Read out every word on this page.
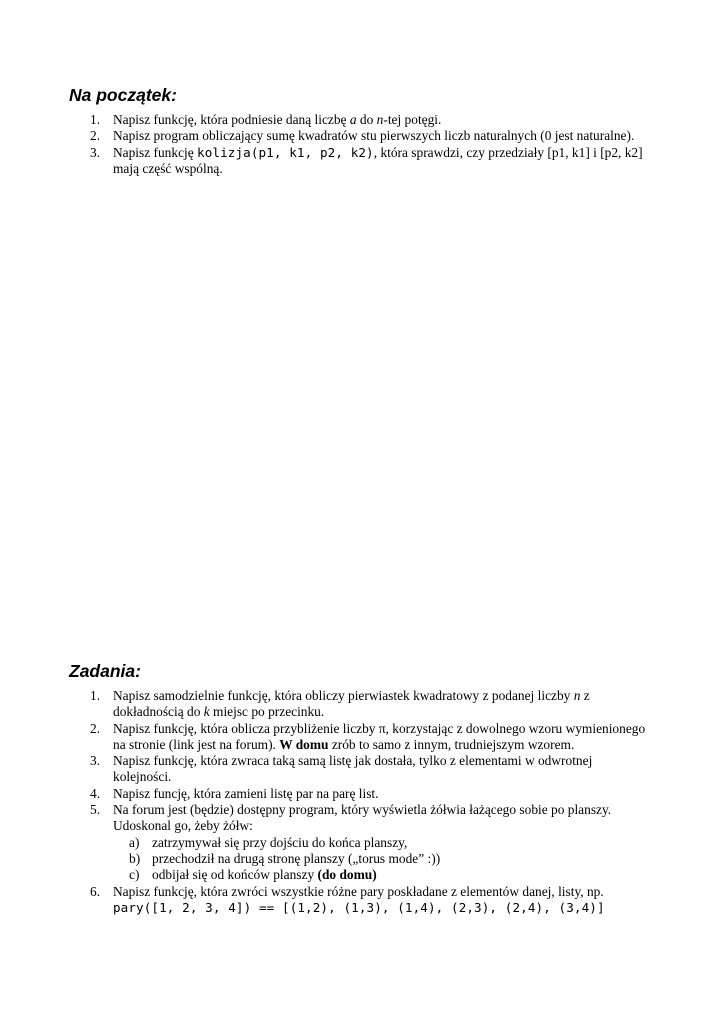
Na początek:
1. Napisz funkcję, która podniesie daną liczbę a do n-tej potęgi.
2. Napisz program obliczający sumę kwadratów stu pierwszych liczb naturalnych (0 jest naturalne).
3. Napisz funkcję kolizja(p1, k1, p2, k2), która sprawdzi, czy przedziały [p1, k1] i [p2, k2] mają część wspólną.
Zadania:
1. Napisz samodzielnie funkcję, która obliczy pierwiastek kwadratowy z podanej liczby n z dokładnością do k miejsc po przecinku.
2. Napisz funkcję, która oblicza przybliżenie liczby π, korzystając z dowolnego wzoru wymienionego na stronie (link jest na forum). W domu zrób to samo z innym, trudniejszym wzorem.
3. Napisz funkcję, która zwraca taką samą listę jak dostała, tylko z elementami w odwrotnej kolejności.
4. Napisz funcję, która zamieni listę par na parę list.
5. Na forum jest (będzie) dostępny program, który wyświetla żółwia łażącego sobie po planszy. Udoskonal go, żeby żółw:
a) zatrzymywał się przy dojściu do końca planszy,
b) przechodził na drugą stronę planszy („torus mode” :))
c) odbijał się od końców planszy (do domu)
6. Napisz funkcję, która zwróci wszystkie różne pary poskładane z elementów danej, listy, np.
pary([1, 2, 3, 4]) == [(1,2), (1,3), (1,4), (2,3), (2,4), (3,4)]
